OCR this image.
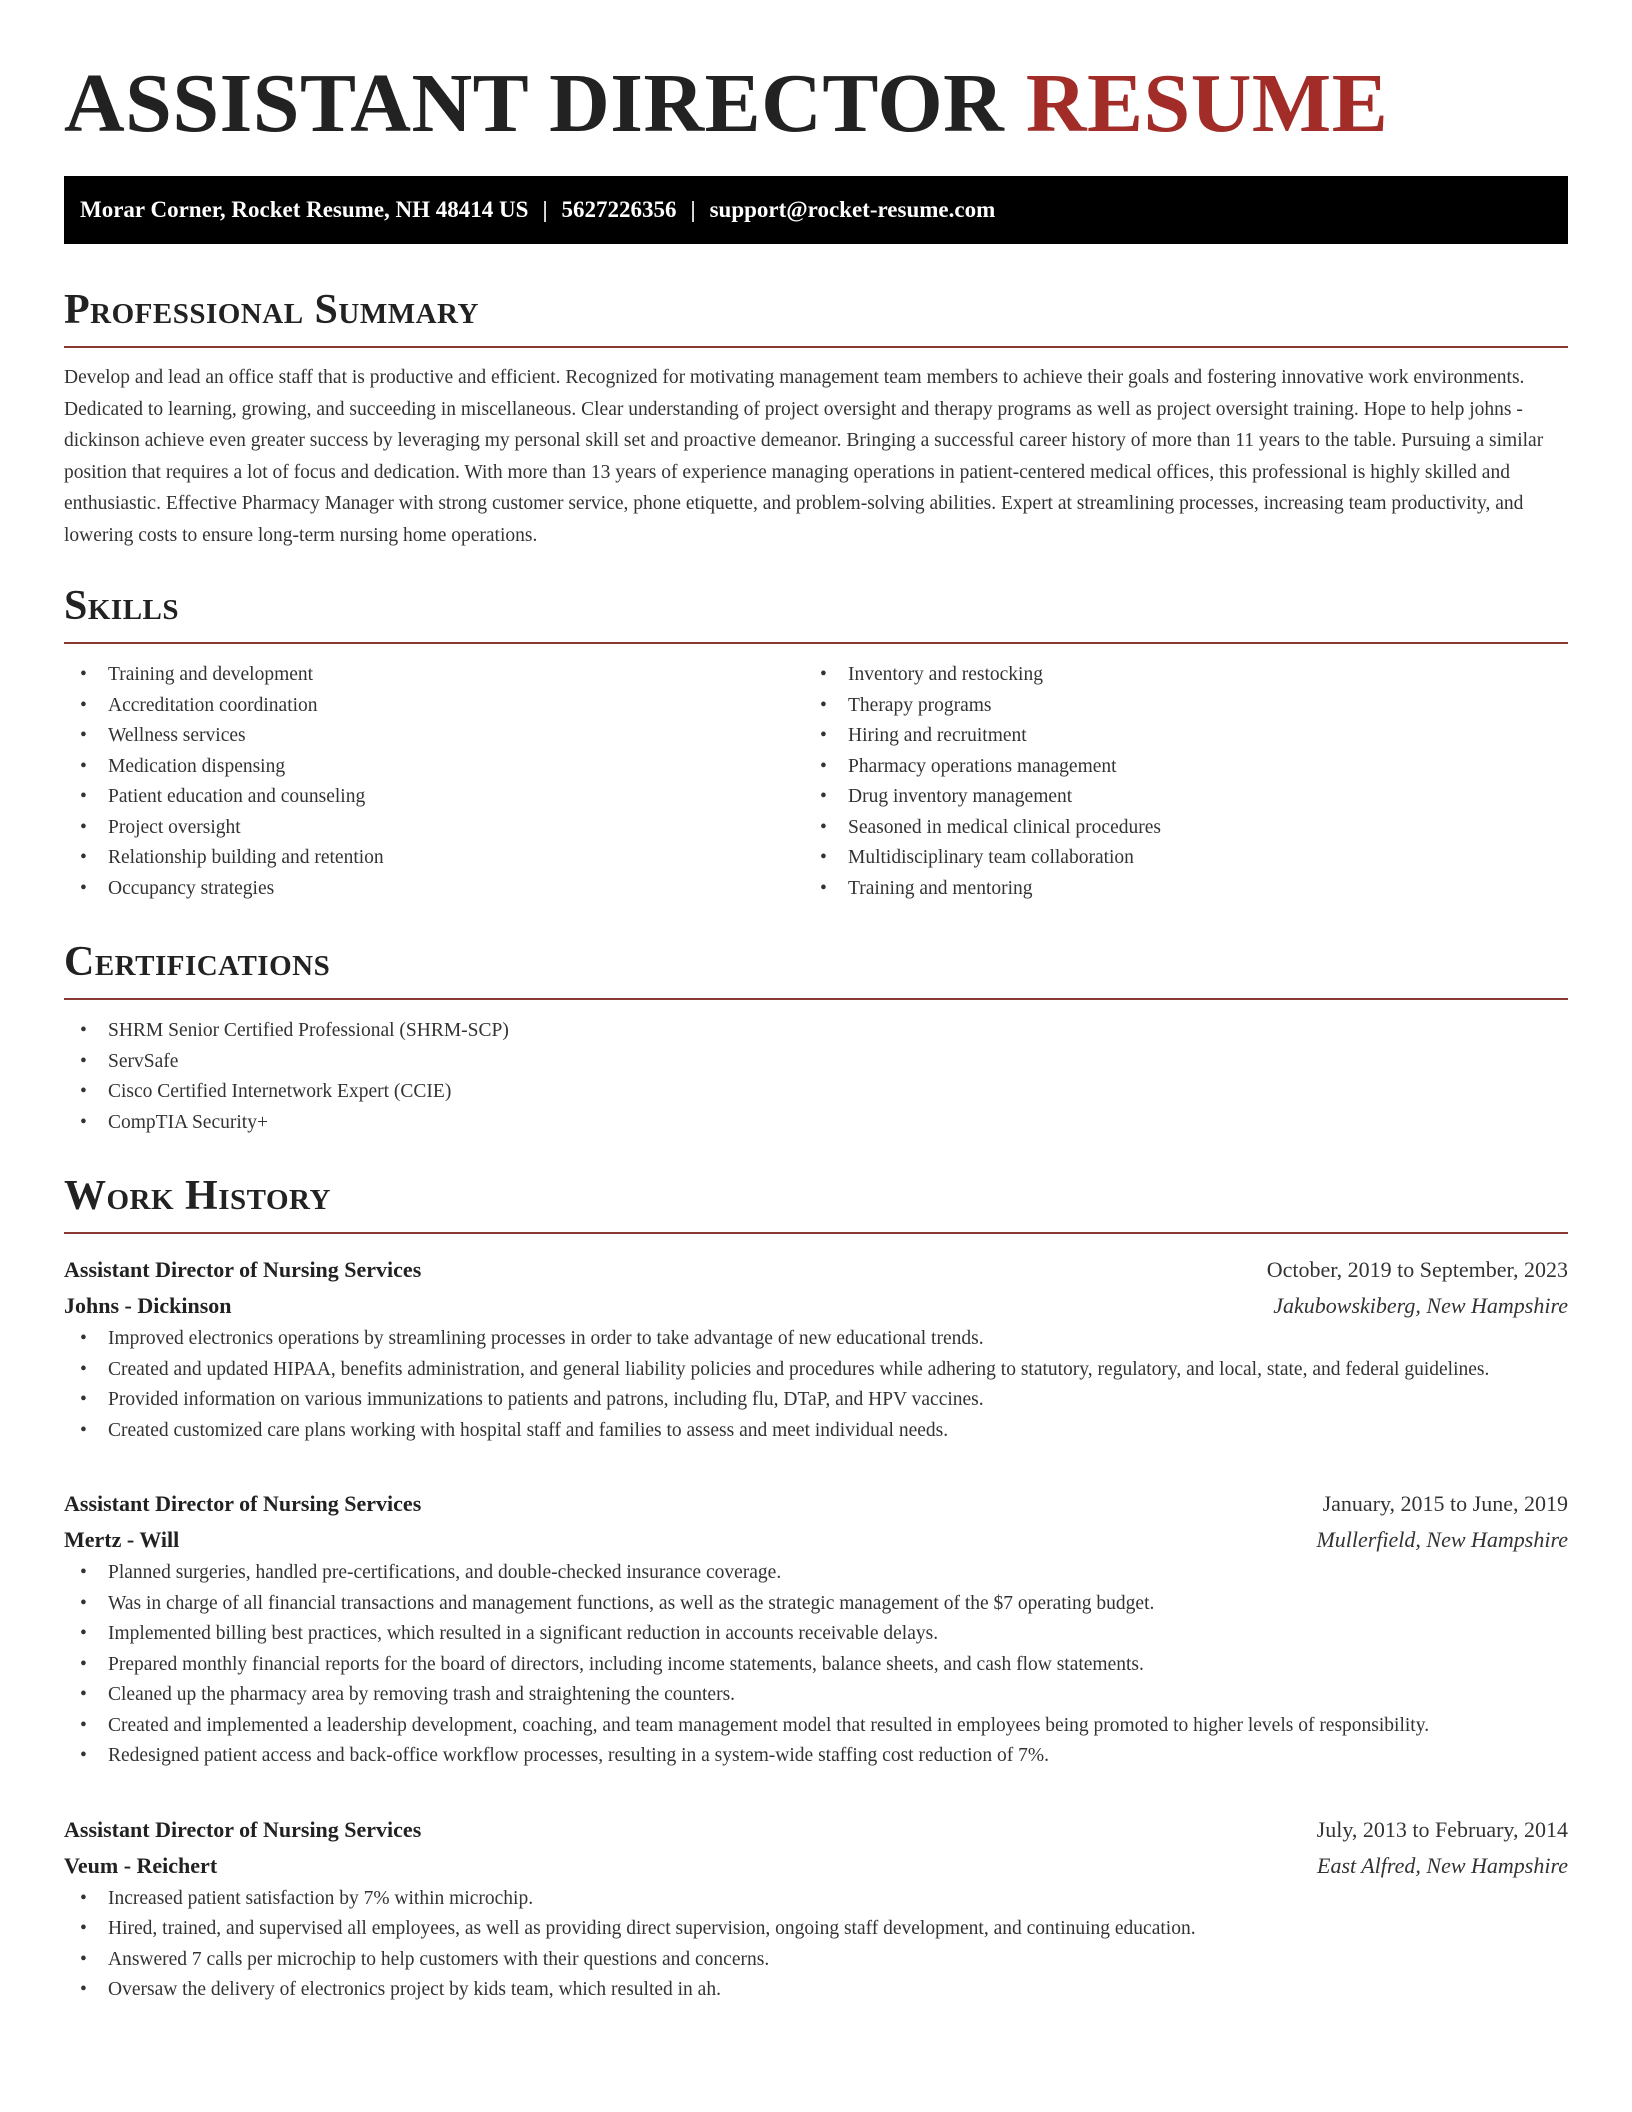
ASSISTANT DIRECTOR RESUME
Morar Corner, Rocket Resume, NH 48414 US | 5627226356 | support@rocket-resume.com
Professional Summary

Develop and lead an office staff that is productive and efficient. Recognized for motivating management team members to achieve their goals and fostering innovative work environments. Dedicated to learning, growing, and succeeding in miscellaneous. Clear understanding of project oversight and therapy programs as well as project oversight training. Hope to help johns - dickinson achieve even greater success by leveraging my personal skill set and proactive demeanor. Bringing a successful career history of more than 11 years to the table. Pursuing a similar position that requires a lot of focus and dedication. With more than 13 years of experience managing operations in patient-centered medical offices, this professional is highly skilled and enthusiastic. Effective Pharmacy Manager with strong customer service, phone etiquette, and problem-solving abilities. Expert at streamlining processes, increasing team productivity, and lowering costs to ensure long-term nursing home operations.

Skills
• Training and development
• Accreditation coordination
• Wellness services
• Medication dispensing
• Patient education and counseling
• Project oversight
• Relationship building and retention
• Occupancy strategies
• Inventory and restocking
• Therapy programs
• Hiring and recruitment
• Pharmacy operations management
• Drug inventory management
• Seasoned in medical clinical procedures
• Multidisciplinary team collaboration
• Training and mentoring
Certifications
• SHRM Senior Certified Professional (SHRM-SCP)
• ServSafe
• Cisco Certified Internetwork Expert (CCIE)
• CompTIA Security+
Work History
Assistant Director of Nursing Services	October, 2019 to September, 2023
Johns - Dickinson	Jakubowskiberg, New Hampshire
• Improved electronics operations by streamlining processes in order to take advantage of new educational trends.
• Created and updated HIPAA, benefits administration, and general liability policies and procedures while adhering to statutory, regulatory, and local, state, and federal guidelines.
• Provided information on various immunizations to patients and patrons, including flu, DTaP, and HPV vaccines.
• Created customized care plans working with hospital staff and families to assess and meet individual needs.
Assistant Director of Nursing Services	January, 2015 to June, 2019
Mertz - Will	Mullerfield, New Hampshire
• Planned surgeries, handled pre-certifications, and double-checked insurance coverage.
• Was in charge of all financial transactions and management functions, as well as the strategic management of the $7 operating budget.
• Implemented billing best practices, which resulted in a significant reduction in accounts receivable delays.
• Prepared monthly financial reports for the board of directors, including income statements, balance sheets, and cash flow statements.
• Cleaned up the pharmacy area by removing trash and straightening the counters.
• Created and implemented a leadership development, coaching, and team management model that resulted in employees being promoted to higher levels of responsibility.
• Redesigned patient access and back-office workflow processes, resulting in a system-wide staffing cost reduction of 7%.
Assistant Director of Nursing Services	July, 2013 to February, 2014
Veum - Reichert	East Alfred, New Hampshire
• Increased patient satisfaction by 7% within microchip.
• Hired, trained, and supervised all employees, as well as providing direct supervision, ongoing staff development, and continuing education.
• Answered 7 calls per microchip to help customers with their questions and concerns.
• Oversaw the delivery of electronics project by kids team, which resulted in ah.
